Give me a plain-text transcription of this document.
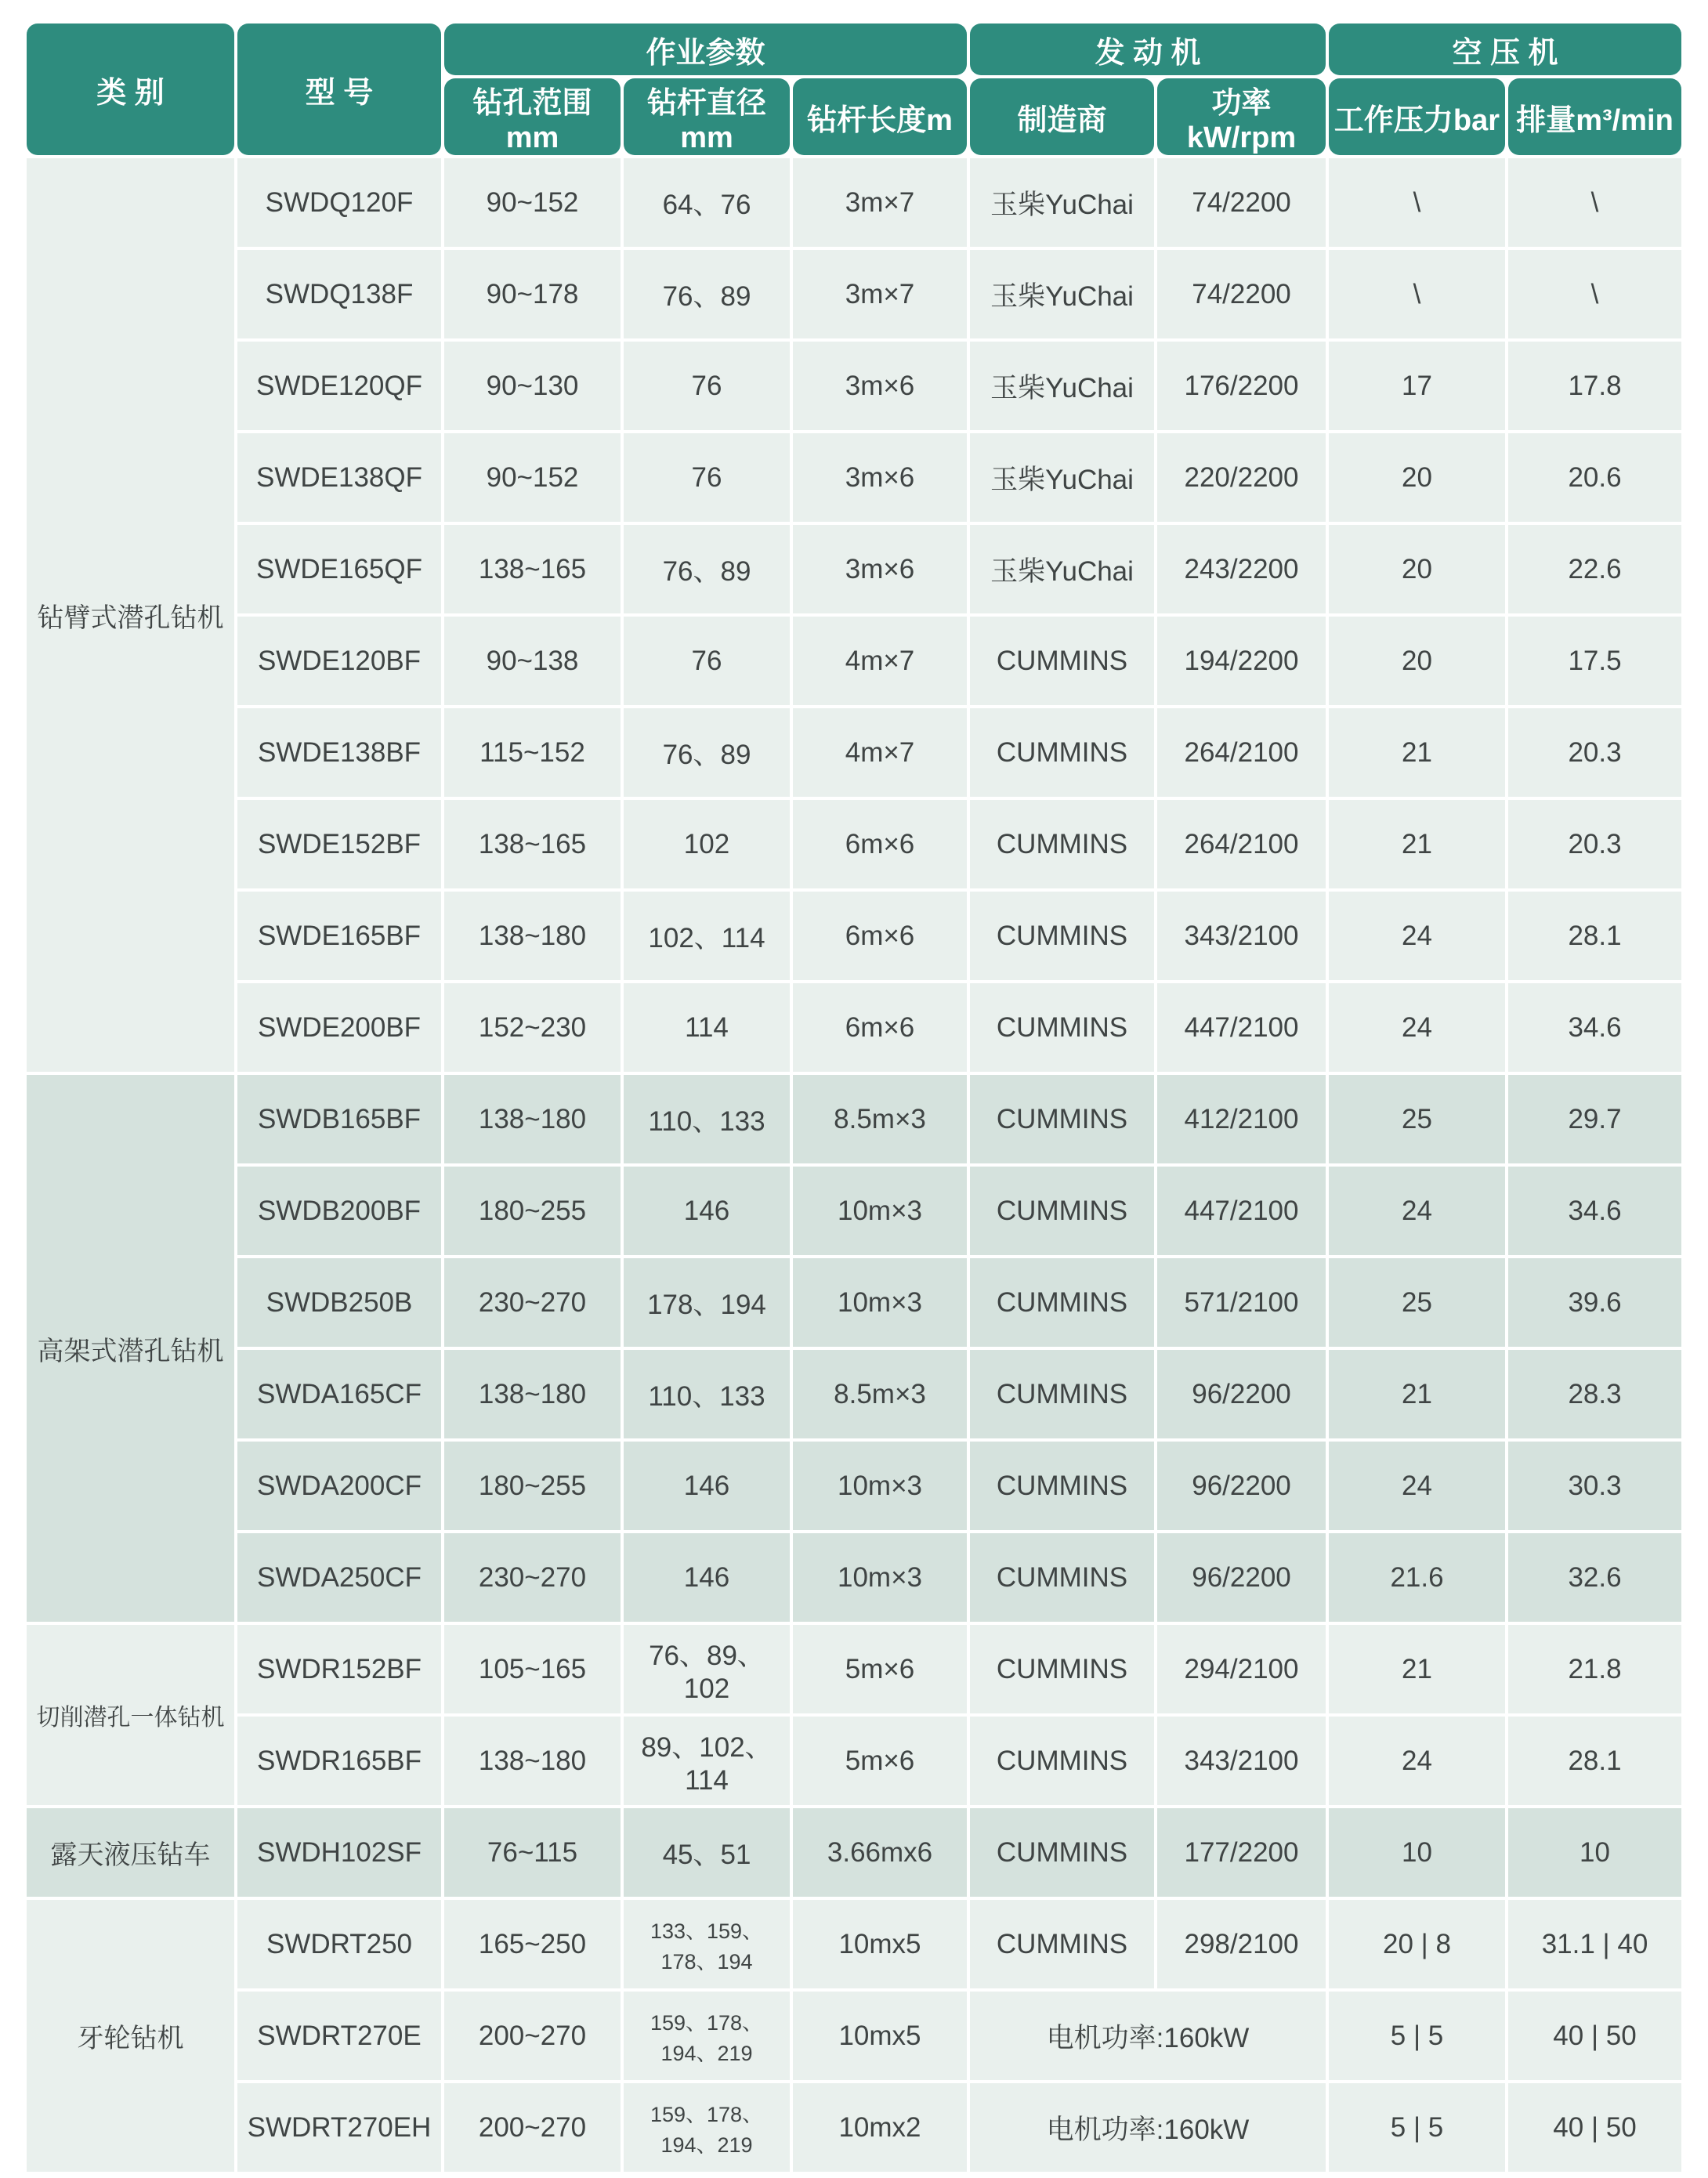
类 别	型 号	作业参数			发 动 机		空 压 机	
		钻孔范围mm	钻杆直径mm	钻杆长度m	制造商	功率kW/rpm	工作压力bar	排量m³/min
钻臂式潜孔钻机	SWDQ120F	90~152	64、76	3m×7	玉柴YuChai	74/2200	\	\
	SWDQ138F	90~178	76、89	3m×7	玉柴YuChai	74/2200	\	\
	SWDE120QF	90~130	76	3m×6	玉柴YuChai	176/2200	17	17.8
	SWDE138QF	90~152	76	3m×6	玉柴YuChai	220/2200	20	20.6
	SWDE165QF	138~165	76、89	3m×6	玉柴YuChai	243/2200	20	22.6
	SWDE120BF	90~138	76	4m×7	CUMMINS	194/2200	20	17.5
	SWDE138BF	115~152	76、89	4m×7	CUMMINS	264/2100	21	20.3
	SWDE152BF	138~165	102	6m×6	CUMMINS	264/2100	21	20.3
	SWDE165BF	138~180	102、114	6m×6	CUMMINS	343/2100	24	28.1
	SWDE200BF	152~230	114	6m×6	CUMMINS	447/2100	24	34.6
高架式潜孔钻机	SWDB165BF	138~180	110、133	8.5m×3	CUMMINS	412/2100	25	29.7
	SWDB200BF	180~255	146	10m×3	CUMMINS	447/2100	24	34.6
	SWDB250B	230~270	178、194	10m×3	CUMMINS	571/2100	25	39.6
	SWDA165CF	138~180	110、133	8.5m×3	CUMMINS	96/2200	21	28.3
	SWDA200CF	180~255	146	10m×3	CUMMINS	96/2200	24	30.3
	SWDA250CF	230~270	146	10m×3	CUMMINS	96/2200	21.6	32.6
切削潜孔一体钻机	SWDR152BF	105~165	76、89、102	5m×6	CUMMINS	294/2100	21	21.8
	SWDR165BF	138~180	89、102、114	5m×6	CUMMINS	343/2100	24	28.1
露天液压钻车	SWDH102SF	76~115	45、51	3.66mx6	CUMMINS	177/2200	10	10
牙轮钻机	SWDRT250	165~250	133、159、178、194	10mx5	CUMMINS	298/2100	20 | 8	31.1 | 40
	SWDRT270E	200~270	159、178、194、219	10mx5	电机功率:160kW		5 | 5	40 | 50
	SWDRT270EH	200~270	159、178、194、219	10mx2	电机功率:160kW		5 | 5	40 | 50
